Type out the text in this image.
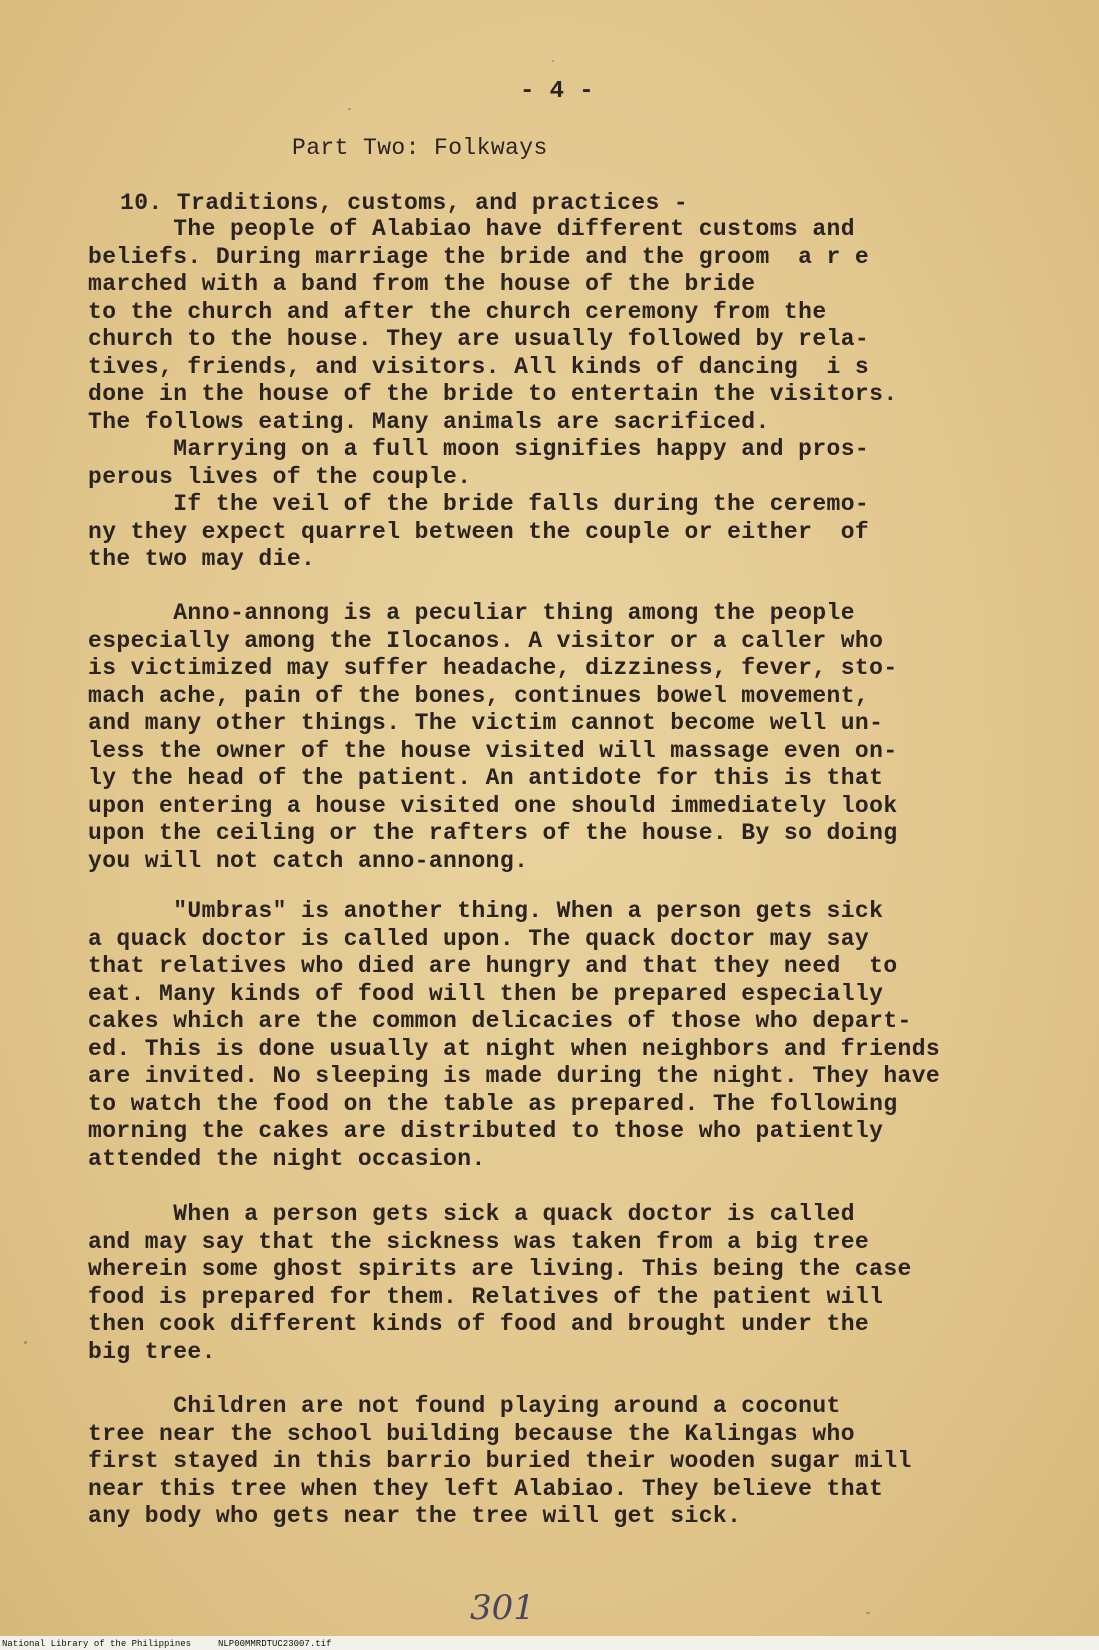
- 4 -
Part Two: Folkways
10. Traditions, customs, and practices -
The people of Alabiao have different customs and
beliefs. During marriage the bride and the groom  a r e
marched with a band from the house of the bride
to the church and after the church ceremony from the
church to the house. They are usually followed by rela-
tives, friends, and visitors. All kinds of dancing  i s
done in the house of the bride to entertain the visitors.
The follows eating. Many animals are sacrificed.
Marrying on a full moon signifies happy and pros-
perous lives of the couple.
If the veil of the bride falls during the ceremo-
ny they expect quarrel between the couple or either  of
the two may die.
Anno-annong is a peculiar thing among the people
especially among the Ilocanos. A visitor or a caller who
is victimized may suffer headache, dizziness, fever, sto-
mach ache, pain of the bones, continues bowel movement,
and many other things. The victim cannot become well un-
less the owner of the house visited will massage even on-
ly the head of the patient. An antidote for this is that
upon entering a house visited one should immediately look
upon the ceiling or the rafters of the house. By so doing
you will not catch anno-annong.
"Umbras" is another thing. When a person gets sick
a quack doctor is called upon. The quack doctor may say
that relatives who died are hungry and that they need  to
eat. Many kinds of food will then be prepared especially
cakes which are the common delicacies of those who depart-
ed. This is done usually at night when neighbors and friends
are invited. No sleeping is made during the night. They have
to watch the food on the table as prepared. The following
morning the cakes are distributed to those who patiently
attended the night occasion.
When a person gets sick a quack doctor is called
and may say that the sickness was taken from a big tree
wherein some ghost spirits are living. This being the case
food is prepared for them. Relatives of the patient will
then cook different kinds of food and brought under the
big tree.
Children are not found playing around a coconut
tree near the school building because the Kalingas who
first stayed in this barrio buried their wooden sugar mill
near this tree when they left Alabiao. They believe that
any body who gets near the tree will get sick.
301
National Library of the Philippines	NLP00MMRDTUC23007.tif
